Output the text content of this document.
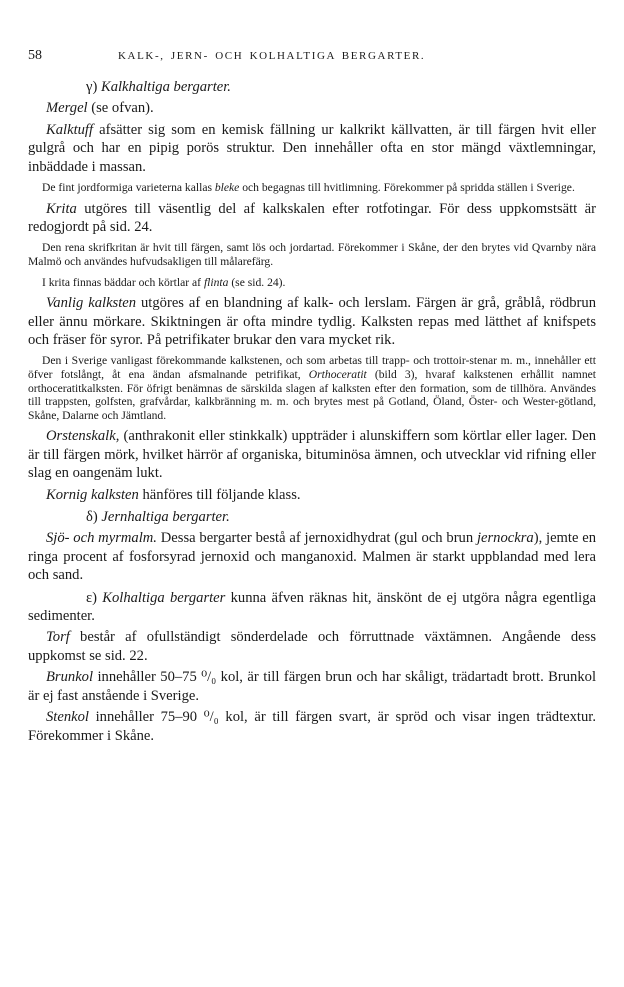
58	KALK-, JERN- OCH KOLHALTIGA BERGARTER.

γ) Kalkhaltiga bergarter.

Mergel (se ofvan).

Kalktuff afsätter sig som en kemisk fällning ur kalkrikt källvatten, är till färgen hvit eller gulgrå och har en pipig porös struktur. Den innehåller ofta en stor mängd växtlemningar, inbäddade i massan.

De fint jordformiga varieterna kallas bleke och begagnas till hvitlimning. Förekommer på spridda ställen i Sverige.

Krita utgöres till väsentlig del af kalkskalen efter rotfotingar. För dess uppkomstsätt är redogjordt på sid. 24.

Den rena skrifkritan är hvit till färgen, samt lös och jordartad. Förekommer i Skåne, der den brytes vid Qvarnby nära Malmö och användes hufvudsakligen till målarefärg.

I krita finnas bäddar och körtlar af flinta (se sid. 24).

Vanlig kalksten utgöres af en blandning af kalk- och lerslam. Färgen är grå, gråblå, rödbrun eller ännu mörkare. Skiktningen är ofta mindre tydlig. Kalksten repas med lätthet af knifspets och fräser för syror. På petrifikater brukar den vara mycket rik.

Den i Sverige vanligast förekommande kalkstenen, och som arbetas till trapp- och trottoir-stenar m. m., innehåller ett öfver fotslångt, åt ena ändan afsmalnande petrifikat, Orthoceratit (bild 3), hvaraf kalkstenen erhållit namnet orthoceratitkalksten. För öfrigt benämnas de särskilda slagen af kalksten efter den formation, som de tillhöra. Användes till trappsten, golfsten, grafvårdar, kalkbränning m. m. och brytes mest på Gotland, Öland, Öster- och Wester-götland, Skåne, Dalarne och Jämtland.

Orstenskalk, (anthrakonit eller stinkkalk) uppträder i alunskiffern som körtlar eller lager. Den är till färgen mörk, hvilket härrör af organiska, bituminösa ämnen, och utvecklar vid rifning eller slag en oangenäm lukt.

Kornig kalksten hänföres till följande klass.

δ) Jernhaltiga bergarter.

Sjö- och myrmalm. Dessa bergarter bestå af jernoxidhydrat (gul och brun jernockra), jemte en ringa procent af fosforsyrad jernoxid och manganoxid. Malmen är starkt uppblandad med lera och sand.

ε) Kolhaltiga bergarter kunna äfven räknas hit, änskönt de ej utgöra några egentliga sedimenter.

Torf består af ofullständigt sönderdelade och förruttnade växtämnen. Angående dess uppkomst se sid. 22.

Brunkol innehåller 50–75 ⁰/₀ kol, är till färgen brun och har skåligt, trädartadt brott. Brunkol är ej fast anstående i Sverige.

Stenkol innehåller 75–90 ⁰/₀ kol, är till färgen svart, är spröd och visar ingen trädtextur. Förekommer i Skåne.
